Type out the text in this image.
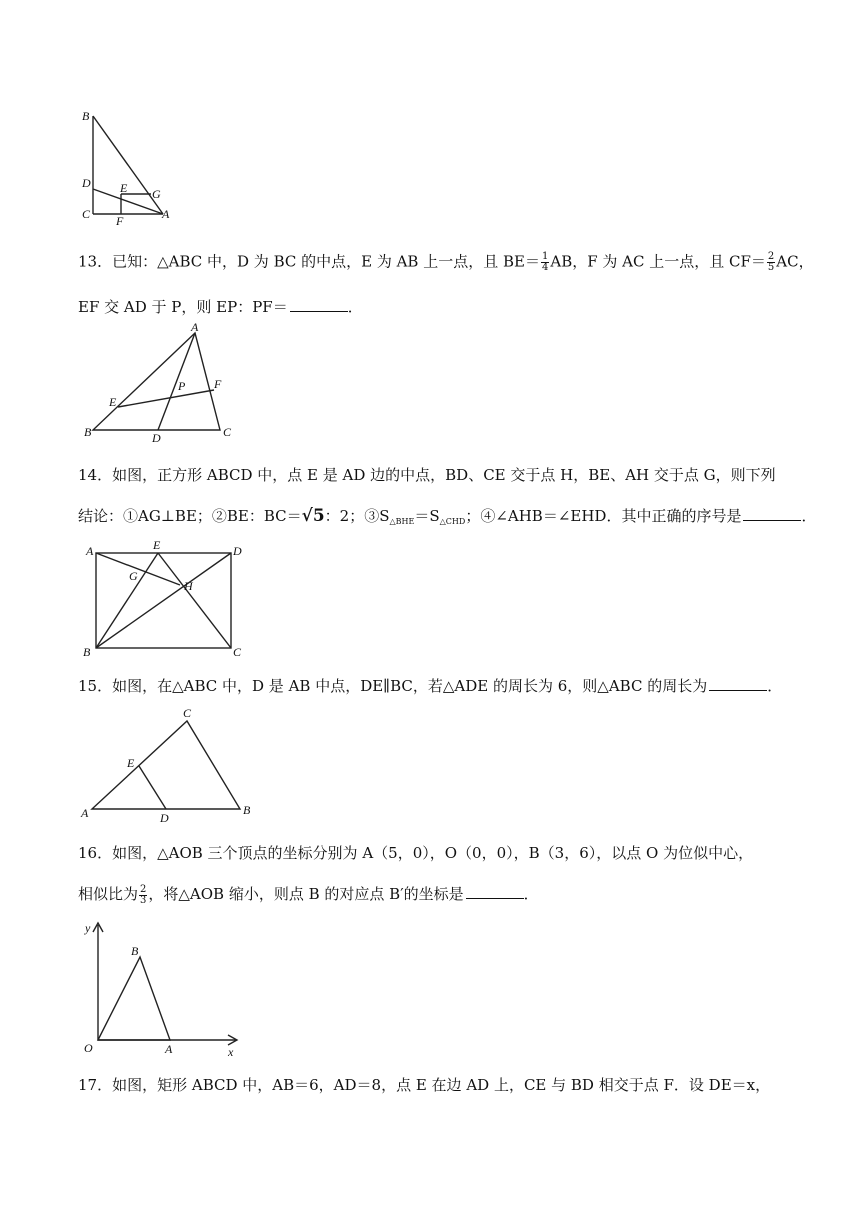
B
D E G
C F	A
13．已知：△ABC 中，D 为 BC 的中点，E 为 AB 上一点，且 $BE= \frac{1}{4}$ AB，F 为 AC 上一点，且 $CF= \frac{2}{5}$ AC，
EF 交 AD 于 P，则 EP：PF＝	．
A
P F
E
B	D	C
14．如图，正方形 ABCD 中，点 E 是 AD 边的中点，BD、CE 交于点 H，BE、AH 交于点 G，则下列
结论：①AG⊥BE；②BE：BC＝√5：2；$③S_{\triangle BHE}=S_{\triangle CHD}$；④∠AHB＝∠EHD．其中正确的序号是	．
A	E	D
G
H
B	C
15．如图，在△ABC 中，D 是 AB 中点，DE∥BC，若△ADE 的周长为 6，则△ABC 的周长为	．
C
E
A	D
B
16．如图，△AOB 三个顶点的坐标分别为 A（5，0），O（0，0），B（3，6），以点 O 为位似中心，
相似比为 $\frac{2}{3}$ ，将△AOB 缩小，则点 B 的对应点 B′的坐标是	．
y
B
O	A	x
17．如图，矩形 ABCD 中，AB＝6，AD＝8，点 E 在边 AD 上，CE 与 BD 相交于点 F．设 DE＝x，
